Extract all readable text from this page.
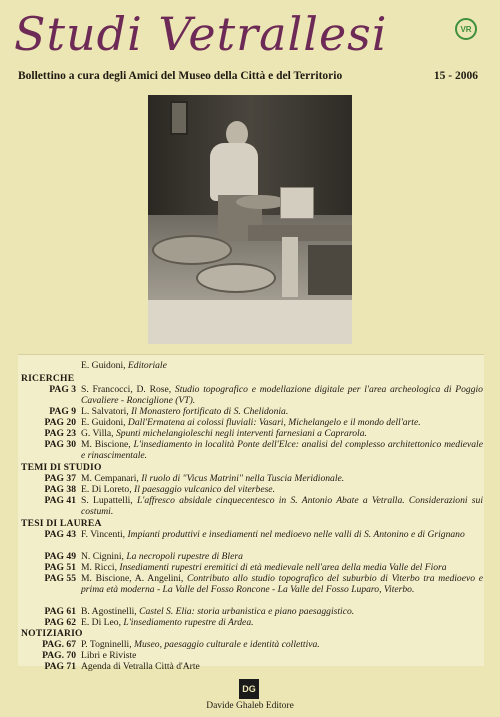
Studi Vetrallesi	VR
Bollettino a cura degli Amici del Museo della Città e del Territorio	15 - 2006
E. Guidoni, Editoriale
RICERCHE
PAG 3 S. Francocci, D. Rose, Studio topografico e modellazione digitale per l'area archeologica di Poggio Cavaliere - Ronciglione (VT).
PAG 9 L. Salvatori, Il Monastero fortificato di S. Chelidonia.
PAG 20 E. Guidoni, Dall'Ermatena ai colossi fluviali: Vasari, Michelangelo e il mondo dell'arte.
PAG 23 G. Villa, Spunti michelangioleschi negli interventi farnesiani a Caprarola.
PAG 30 M. Biscione, L'insediamento in località Ponte dell'Elce: analisi del complesso architettonico medievale e rinascimentale.
TEMI DI STUDIO
PAG 37 M. Cempanari, Il ruolo di "Vicus Matrini" nella Tuscia Meridionale.
PAG 38 E. Di Loreto, Il paesaggio vulcanico del viterbese.
PAG 41 S. Lupattelli, L'affresco absidale cinquecentesco in S. Antonio Abate a Vetralla. Considerazioni sui costumi.
TESI DI LAUREA
PAG 43 F. Vincenti, Impianti produttivi e insediamenti nel medioevo nelle valli di S. Antonino e di Grignano
PAG 49 N. Cignini, La necropoli rupestre di Blera
PAG 51 M. Ricci, Insediamenti rupestri eremitici di età medievale nell'area della media Valle del Fiora
PAG 55 M. Biscione, A. Angelini, Contributo allo studio topografico del suburbio di Viterbo tra medioevo e prima età moderna - La Valle del Fosso Roncone - La Valle del Fosso Luparo, Viterbo.
PAG 61 B. Agostinelli, Castel S. Elia: storia urbanistica e piano paesaggistico.
PAG 62 E. Di Leo, L'insediamento rupestre di Ardea.
NOTIZIARIO
PAG. 67 P. Togninelli, Museo, paesaggio culturale e identità collettiva.
PAG. 70 Libri e Riviste
PAG 71 Agenda di Vetralla Città d'Arte
DG
Davide Ghaleb Editore
